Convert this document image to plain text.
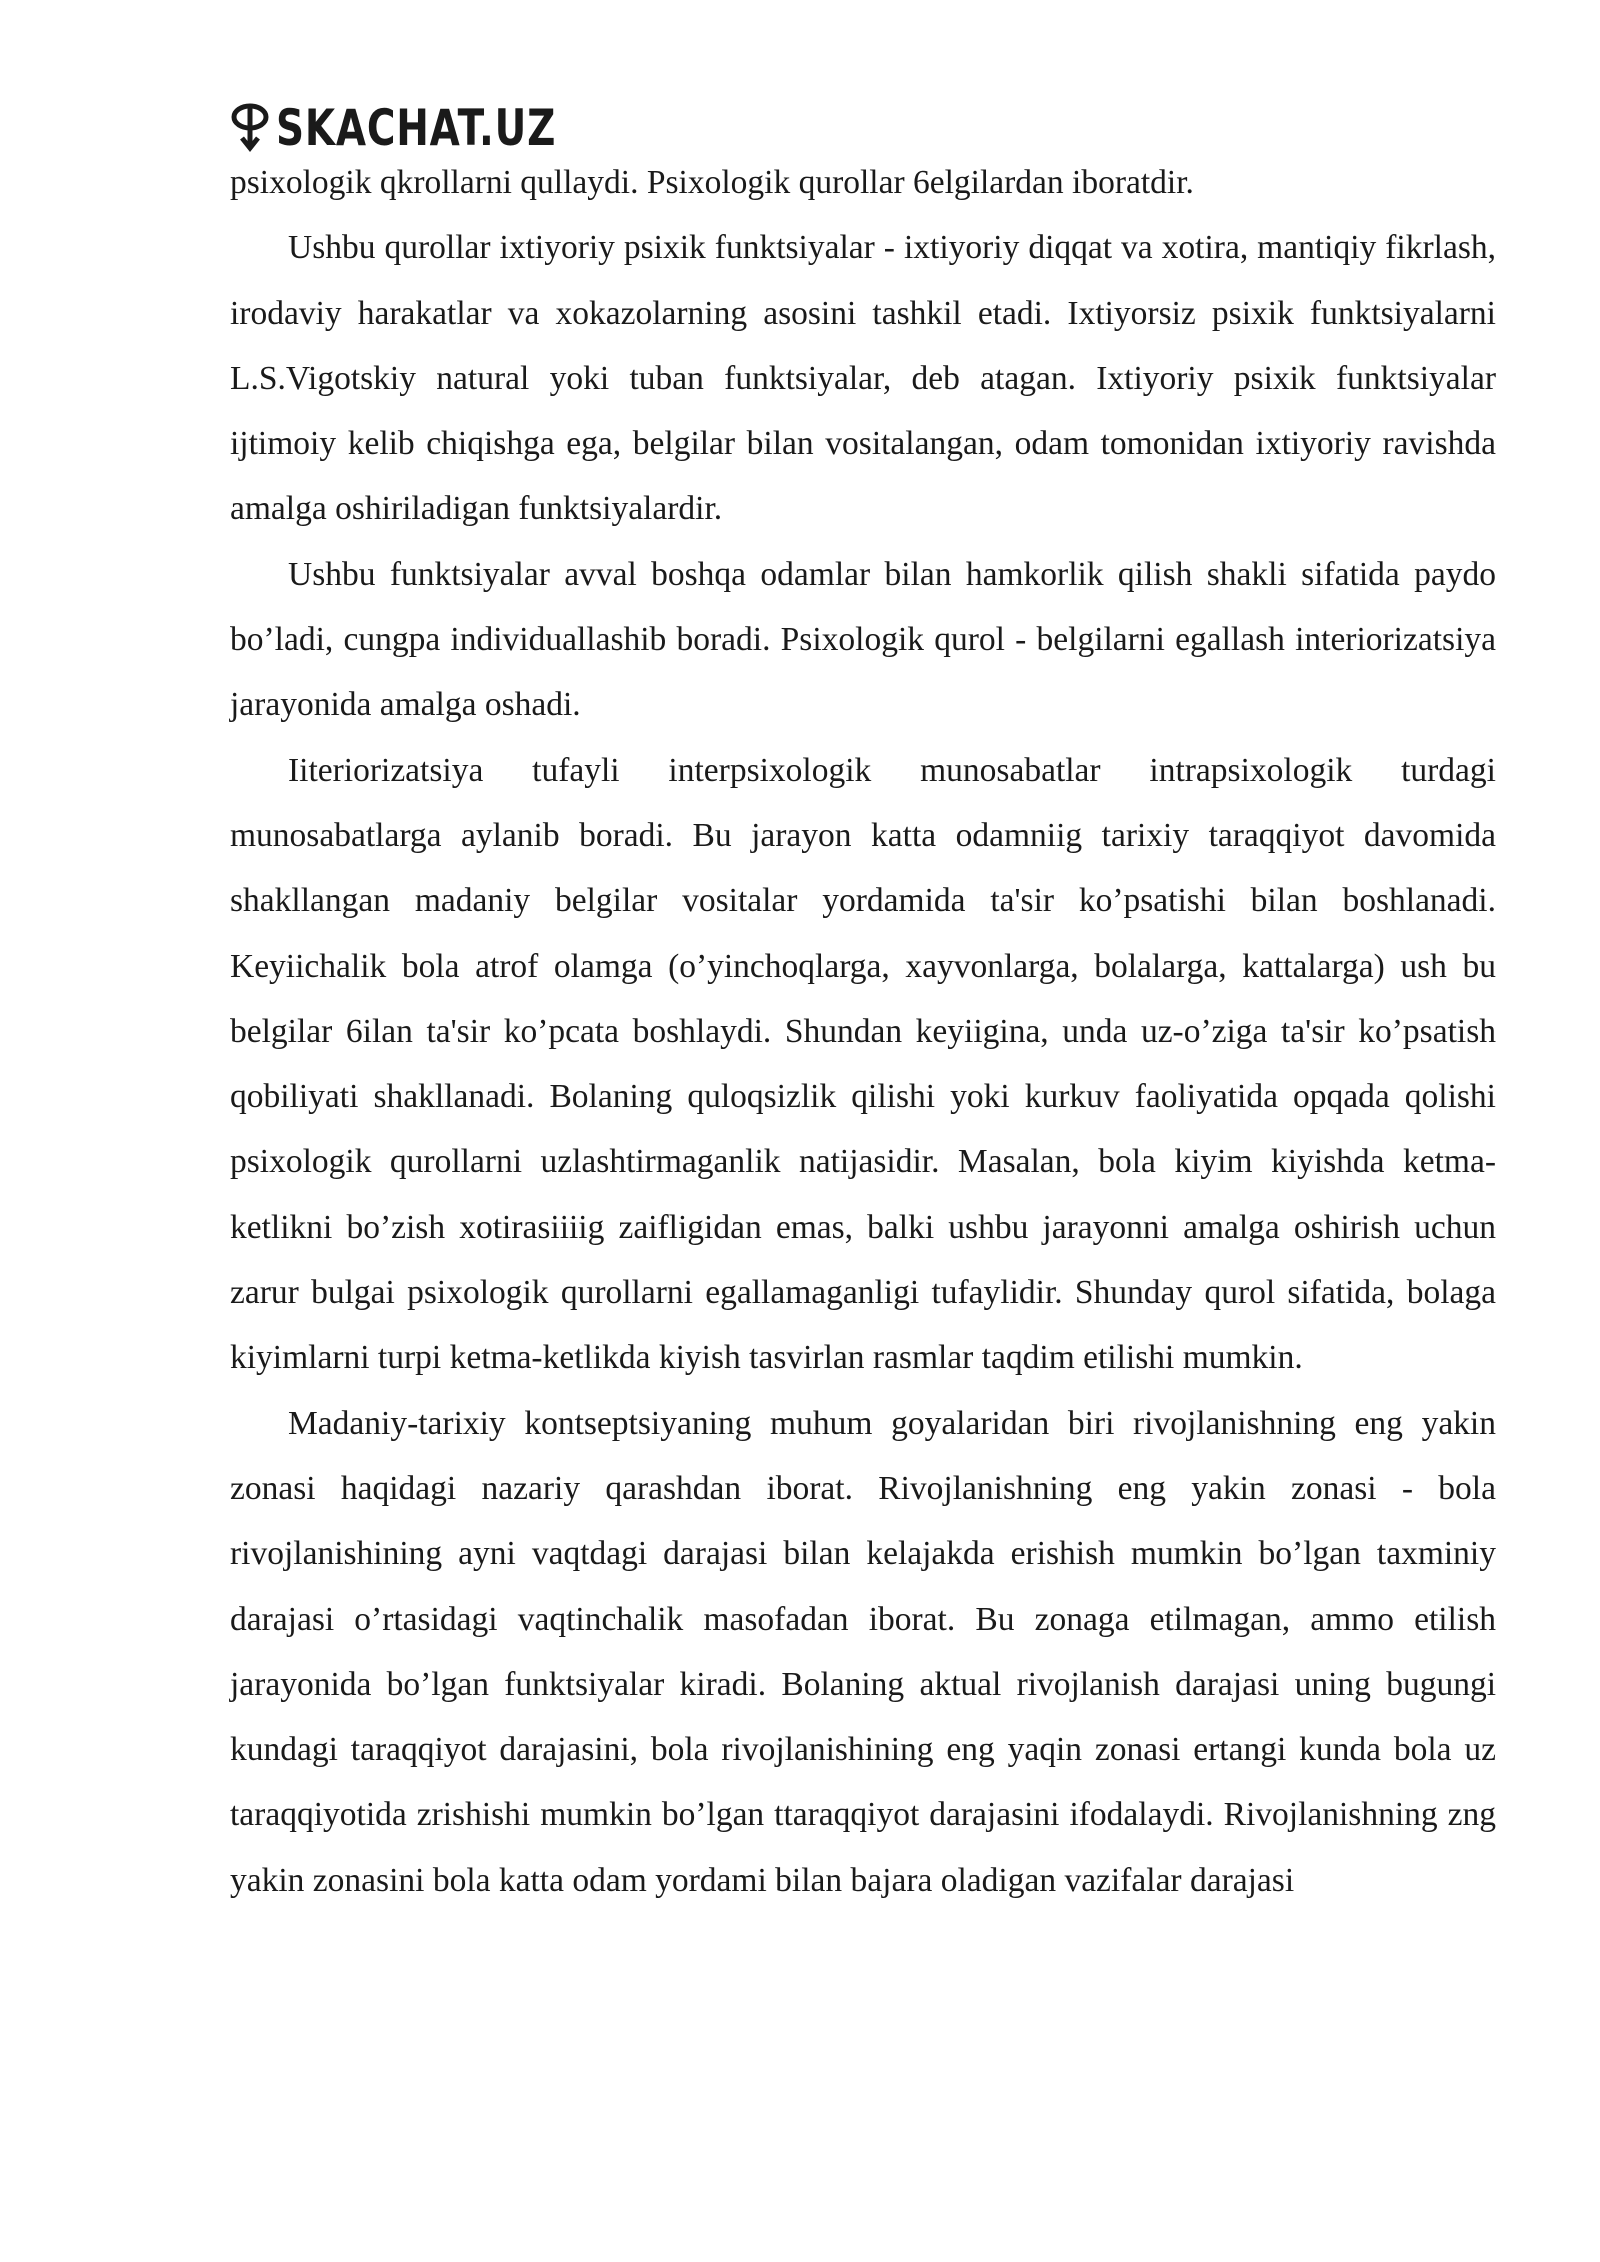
SKACHAT.UZ

psixologik qkrollarni qullaydi. Psixologik qurollar 6elgilardan iboratdir.

Ushbu qurollar ixtiyoriy psixik funktsiyalar - ixtiyoriy diqqat va xotira, mantiqiy fikrlash, irodaviy harakatlar va xokazolarning asosini tashkil etadi. Ixtiyorsiz psixik funktsiyalarni L.S.Vigotskiy natural yoki tuban funktsiyalar, deb atagan. Ixtiyoriy psixik funktsiyalar ijtimoiy kelib chiqishga ega, belgilar bilan vositalangan, odam tomonidan ixtiyoriy ravishda amalga oshiriladigan funktsiyalardir.

Ushbu funktsiyalar avval boshqa odamlar bilan hamkorlik qilish shakli sifatida paydo bo’ladi, cungpa individuallashib boradi. Psixologik qurol - belgilarni egallash interiorizatsiya jarayonida amalga oshadi.

Iiteriorizatsiya tufayli interpsixologik munosabatlar intrapsixologik turdagi munosabatlarga aylanib boradi. Bu jarayon katta odamniig tarixiy taraqqiyot davomida shakllangan madaniy belgilar vositalar yordamida ta'sir ko’psatishi bilan boshlanadi. Keyiichalik bola atrof olamga (o’yinchoqlarga, xayvonlarga, bolalarga, kattalarga) ush bu belgilar 6ilan ta'sir ko’pcata boshlaydi. Shundan keyiigina, unda uz-o’ziga ta'sir ko’psatish qobiliyati shakllanadi. Bolaning quloqsizlik qilishi yoki kurkuv faoliyatida opqada qolishi psixologik qurollarni uzlashtirmaganlik natijasidir. Masalan, bola kiyim kiyishda ketma-ketlikni bo’zish xotirasiiiig zaifligidan emas, balki ushbu jarayonni amalga oshirish uchun zarur bulgai psixologik qurollarni egallamaganligi tufaylidir. Shunday qurol sifatida, bolaga kiyimlarni turpi ketma-ketlikda kiyish tasvirlan rasmlar taqdim etilishi mumkin.

Madaniy-tarixiy kontseptsiyaning muhum goyalaridan biri rivojlanishning eng yakin zonasi haqidagi nazariy qarashdan iborat. Rivojlanishning eng yakin zonasi - bola rivojlanishining ayni vaqtdagi darajasi bilan kelajakda erishish mumkin bo’lgan taxminiy darajasi o’rtasidagi vaqtinchalik masofadan iborat. Bu zonaga etilmagan, ammo etilish jarayonida bo’lgan funktsiyalar kiradi. Bolaning aktual rivojlanish darajasi uning bugungi kundagi taraqqiyot darajasini, bola rivojlanishining eng yaqin zonasi ertangi kunda bola uz taraqqiyotida zrishishi mumkin bo’lgan ttaraqqiyot darajasini ifodalaydi. Rivojlanishning zng yakin zonasini bola katta odam yordami bilan bajara oladigan vazifalar darajasi
